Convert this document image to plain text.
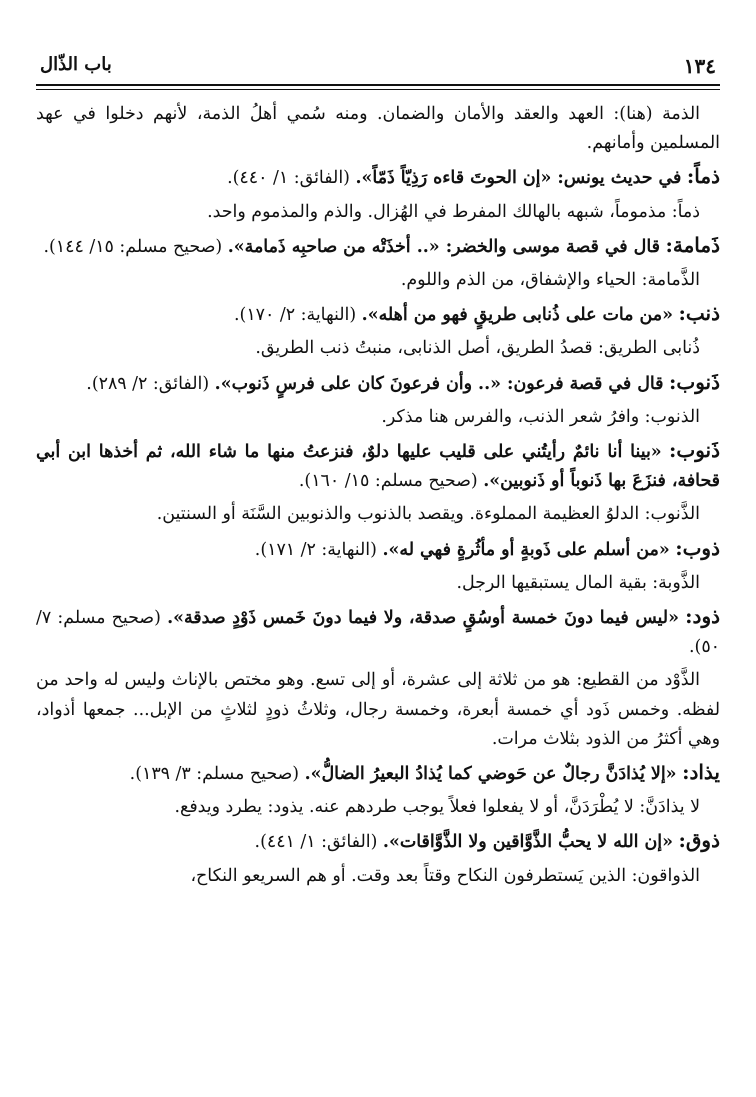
١٣٤
باب الذّال

الذمة (هنا): العهد والعقد والأمان والضمان. ومنه سُمي أهلُ الذمة، لأنهم دخلوا في عهد المسلمين وأمانهم.

ذماً: في حديث يونس: «إن الحوتَ قاءه رَذِيّاً ذَمّاً». (الفائق: ١/ ٤٤٠).

ذماً: مذموماً، شبهه بالهالك المفرط في الهُزال. والذم والمذموم واحد.

ذَمامة: قال في قصة موسى والخضر: «.. أخذَتْه من صاحبِه ذَمامة». (صحيح مسلم: ١٥/ ١٤٤).

الذَّمامة: الحياء والإشفاق، من الذم واللوم.

ذنب: «من مات على ذُنابى طريقٍ فهو من أهله». (النهاية: ٢/ ١٧٠).

ذُنابى الطريق: قصدُ الطريق، أصل الذنابى، منبتُ ذنب الطريق.

ذَنوب: قال في قصة فرعون: «.. وأن فرعونَ كان على فرسٍ ذَنوب». (الفائق: ٢/ ٢٨٩).

الذنوب: وافرُ شعر الذنب، والفرس هنا مذكر.

ذَنوب: «بينا أنا نائمٌ رأيتُني على قليب عليها دلوٌ، فنزعتُ منها ما شاء الله، ثم أخذها ابن أبي قحافة، فنزَعَ بها ذَنوباً أو ذَنوبين». (صحيح مسلم: ١٥/ ١٦٠).

الذَّنوب: الدلوُ العظيمة المملوءة. ويقصد بالذنوب والذنوبين السَّنَة أو السنتين.

ذوب: «من أسلم على ذَوبةٍ أو مأثُرةٍ فهي له». (النهاية: ٢/ ١٧١).

الذَّوبة: بقية المال يستبقيها الرجل.

ذود: «ليس فيما دونَ خمسة أوسُقٍ صدقة، ولا فيما دونَ خَمس ذَوْدٍ صدقة». (صحيح مسلم: ٧/ ٥٠).

الذَّوْد من القطيع: هو من ثلاثة إلى عشرة، أو إلى تسع. وهو مختص بالإناث وليس له واحد من لفظه. وخمس ذَود أي خمسة أبعرة، وخمسة رجال، وثلاثُ ذودٍ لثلاثٍ من الإبل... جمعها أذواد، وهي أكثرُ من الذود بثلاث مرات.

يذاد: «إلا يُذادَنَّ رجالٌ عن حَوضي كما يُذادُ البعيرُ الضالُّ». (صحيح مسلم: ٣/ ١٣٩).

لا يذادَنَّ: لا يُطْرَدَنَّ، أو لا يفعلوا فعلاً يوجب طردهم عنه. يذود: يطرد ويدفع.

ذوق: «إن الله لا يحبُّ الذَّوَّاقين ولا الذَّوَّاقات». (الفائق: ١/ ٤٤١).

الذواقون: الذين يَستطرفون النكاح وقتاً بعد وقت. أو هم السريعو النكاح،
